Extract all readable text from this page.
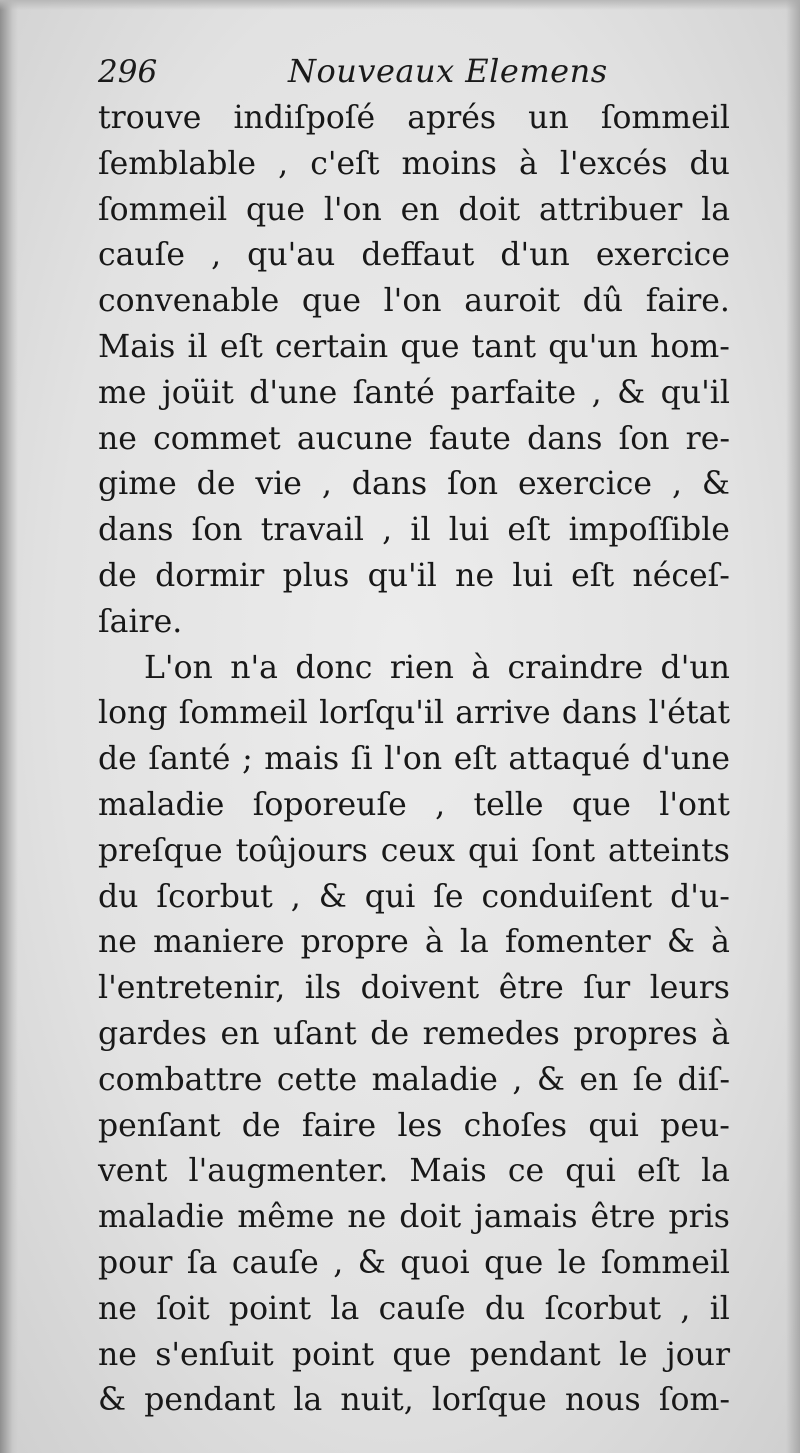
296	Nouveaux Elemens
trouve indiſpoſé aprés un ſommeil
ſemblable , c'eſt moins à l'excés du
ſommeil que l'on en doit attribuer la
cauſe , qu'au deffaut d'un exercice
convenable que l'on auroit dû faire.
Mais il eſt certain que tant qu'un hom-
me joüit d'une ſanté parfaite , & qu'il
ne commet aucune faute dans ſon re-
gime de vie , dans ſon exercice , &
dans ſon travail , il lui eſt impoſſible
de dormir plus qu'il ne lui eſt néceſ-
ſaire.
L'on n'a donc rien à craindre d'un
long ſommeil lorſqu'il arrive dans l'état
de ſanté ; mais ſi l'on eſt attaqué d'une
maladie ſoporeuſe , telle que l'ont
preſque toûjours ceux qui ſont atteints
du ſcorbut , & qui ſe conduiſent d'u-
ne maniere propre à la fomenter & à
l'entretenir, ils doivent être ſur leurs
gardes en uſant de remedes propres à
combattre cette maladie , & en ſe diſ-
penſant de faire les choſes qui peu-
vent l'augmenter. Mais ce qui eſt la
maladie même ne doit jamais être pris
pour ſa cauſe , & quoi que le ſommeil
ne ſoit point la cauſe du ſcorbut , il
ne s'enſuit point que pendant le jour
& pendant la nuit, lorſque nous ſom-
